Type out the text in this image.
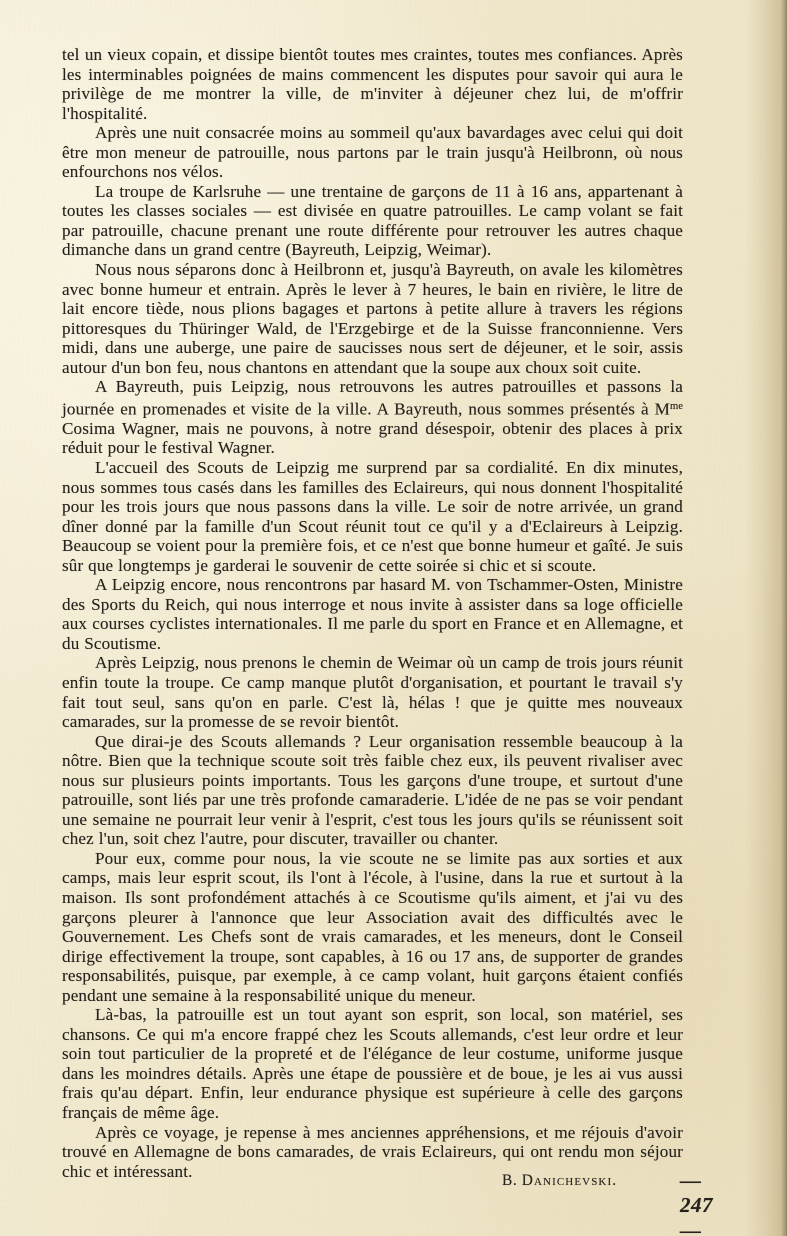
tel un vieux copain, et dissipe bientôt toutes mes craintes, toutes mes confiances. Après les interminables poignées de mains commencent les disputes pour savoir qui aura le privilège de me montrer la ville, de m'inviter à déjeuner chez lui, de m'offrir l'hospitalité.

Après une nuit consacrée moins au sommeil qu'aux bavardages avec celui qui doit être mon meneur de patrouille, nous partons par le train jusqu'à Heilbronn, où nous enfourchons nos vélos.

La troupe de Karlsruhe — une trentaine de garçons de 11 à 16 ans, appartenant à toutes les classes sociales — est divisée en quatre patrouilles. Le camp volant se fait par patrouille, chacune prenant une route différente pour retrouver les autres chaque dimanche dans un grand centre (Bayreuth, Leipzig, Weimar).

Nous nous séparons donc à Heilbronn et, jusqu'à Bayreuth, on avale les kilomètres avec bonne humeur et entrain. Après le lever à 7 heures, le bain en rivière, le litre de lait encore tiède, nous plions bagages et partons à petite allure à travers les régions pittoresques du Thüringer Wald, de l'Erzgebirge et de la Suisse franconnienne. Vers midi, dans une auberge, une paire de saucisses nous sert de déjeuner, et le soir, assis autour d'un bon feu, nous chantons en attendant que la soupe aux choux soit cuite.

A Bayreuth, puis Leipzig, nous retrouvons les autres patrouilles et passons la journée en promenades et visite de la ville. A Bayreuth, nous sommes présentés à $M^{me}$ Cosima Wagner, mais ne pouvons, à notre grand désespoir, obtenir des places à prix réduit pour le festival Wagner.

L'accueil des Scouts de Leipzig me surprend par sa cordialité. En dix minutes, nous sommes tous casés dans les familles des Eclaireurs, qui nous donnent l'hospitalité pour les trois jours que nous passons dans la ville. Le soir de notre arrivée, un grand dîner donné par la famille d'un Scout réunit tout ce qu'il y a d'Eclaireurs à Leipzig. Beaucoup se voient pour la première fois, et ce n'est que bonne humeur et gaîté. Je suis sûr que longtemps je garderai le souvenir de cette soirée si chic et si scoute.

A Leipzig encore, nous rencontrons par hasard M. von Tschammer-Osten, Ministre des Sports du Reich, qui nous interroge et nous invite à assister dans sa loge officielle aux courses cyclistes internationales. Il me parle du sport en France et en Allemagne, et du Scoutisme.

Après Leipzig, nous prenons le chemin de Weimar où un camp de trois jours réunit enfin toute la troupe. Ce camp manque plutôt d'organisation, et pourtant le travail s'y fait tout seul, sans qu'on en parle. C'est là, hélas ! que je quitte mes nouveaux camarades, sur la promesse de se revoir bientôt.

Que dirai-je des Scouts allemands ? Leur organisation ressemble beaucoup à la nôtre. Bien que la technique scoute soit très faible chez eux, ils peuvent rivaliser avec nous sur plusieurs points importants. Tous les garçons d'une troupe, et surtout d'une patrouille, sont liés par une très profonde camaraderie. L'idée de ne pas se voir pendant une semaine ne pourrait leur venir à l'esprit, c'est tous les jours qu'ils se réunissent soit chez l'un, soit chez l'autre, pour discuter, travailler ou chanter.

Pour eux, comme pour nous, la vie scoute ne se limite pas aux sorties et aux camps, mais leur esprit scout, ils l'ont à l'école, à l'usine, dans la rue et surtout à la maison. Ils sont profondément attachés à ce Scoutisme qu'ils aiment, et j'ai vu des garçons pleurer à l'annonce que leur Association avait des difficultés avec le Gouvernement. Les Chefs sont de vrais camarades, et les meneurs, dont le Conseil dirige effectivement la troupe, sont capables, à 16 ou 17 ans, de supporter de grandes responsabilités, puisque, par exemple, à ce camp volant, huit garçons étaient confiés pendant une semaine à la responsabilité unique du meneur.

Là-bas, la patrouille est un tout ayant son esprit, son local, son matériel, ses chansons. Ce qui m'a encore frappé chez les Scouts allemands, c'est leur ordre et leur soin tout particulier de la propreté et de l'élégance de leur costume, uniforme jusque dans les moindres détails. Après une étape de poussière et de boue, je les ai vus aussi frais qu'au départ. Enfin, leur endurance physique est supérieure à celle des garçons français de même âge.

Après ce voyage, je repense à mes anciennes appréhensions, et me réjouis d'avoir trouvé en Allemagne de bons camarades, de vrais Eclaireurs, qui ont rendu mon séjour chic et intéressant.	B. Danichevski.	— 247 —
